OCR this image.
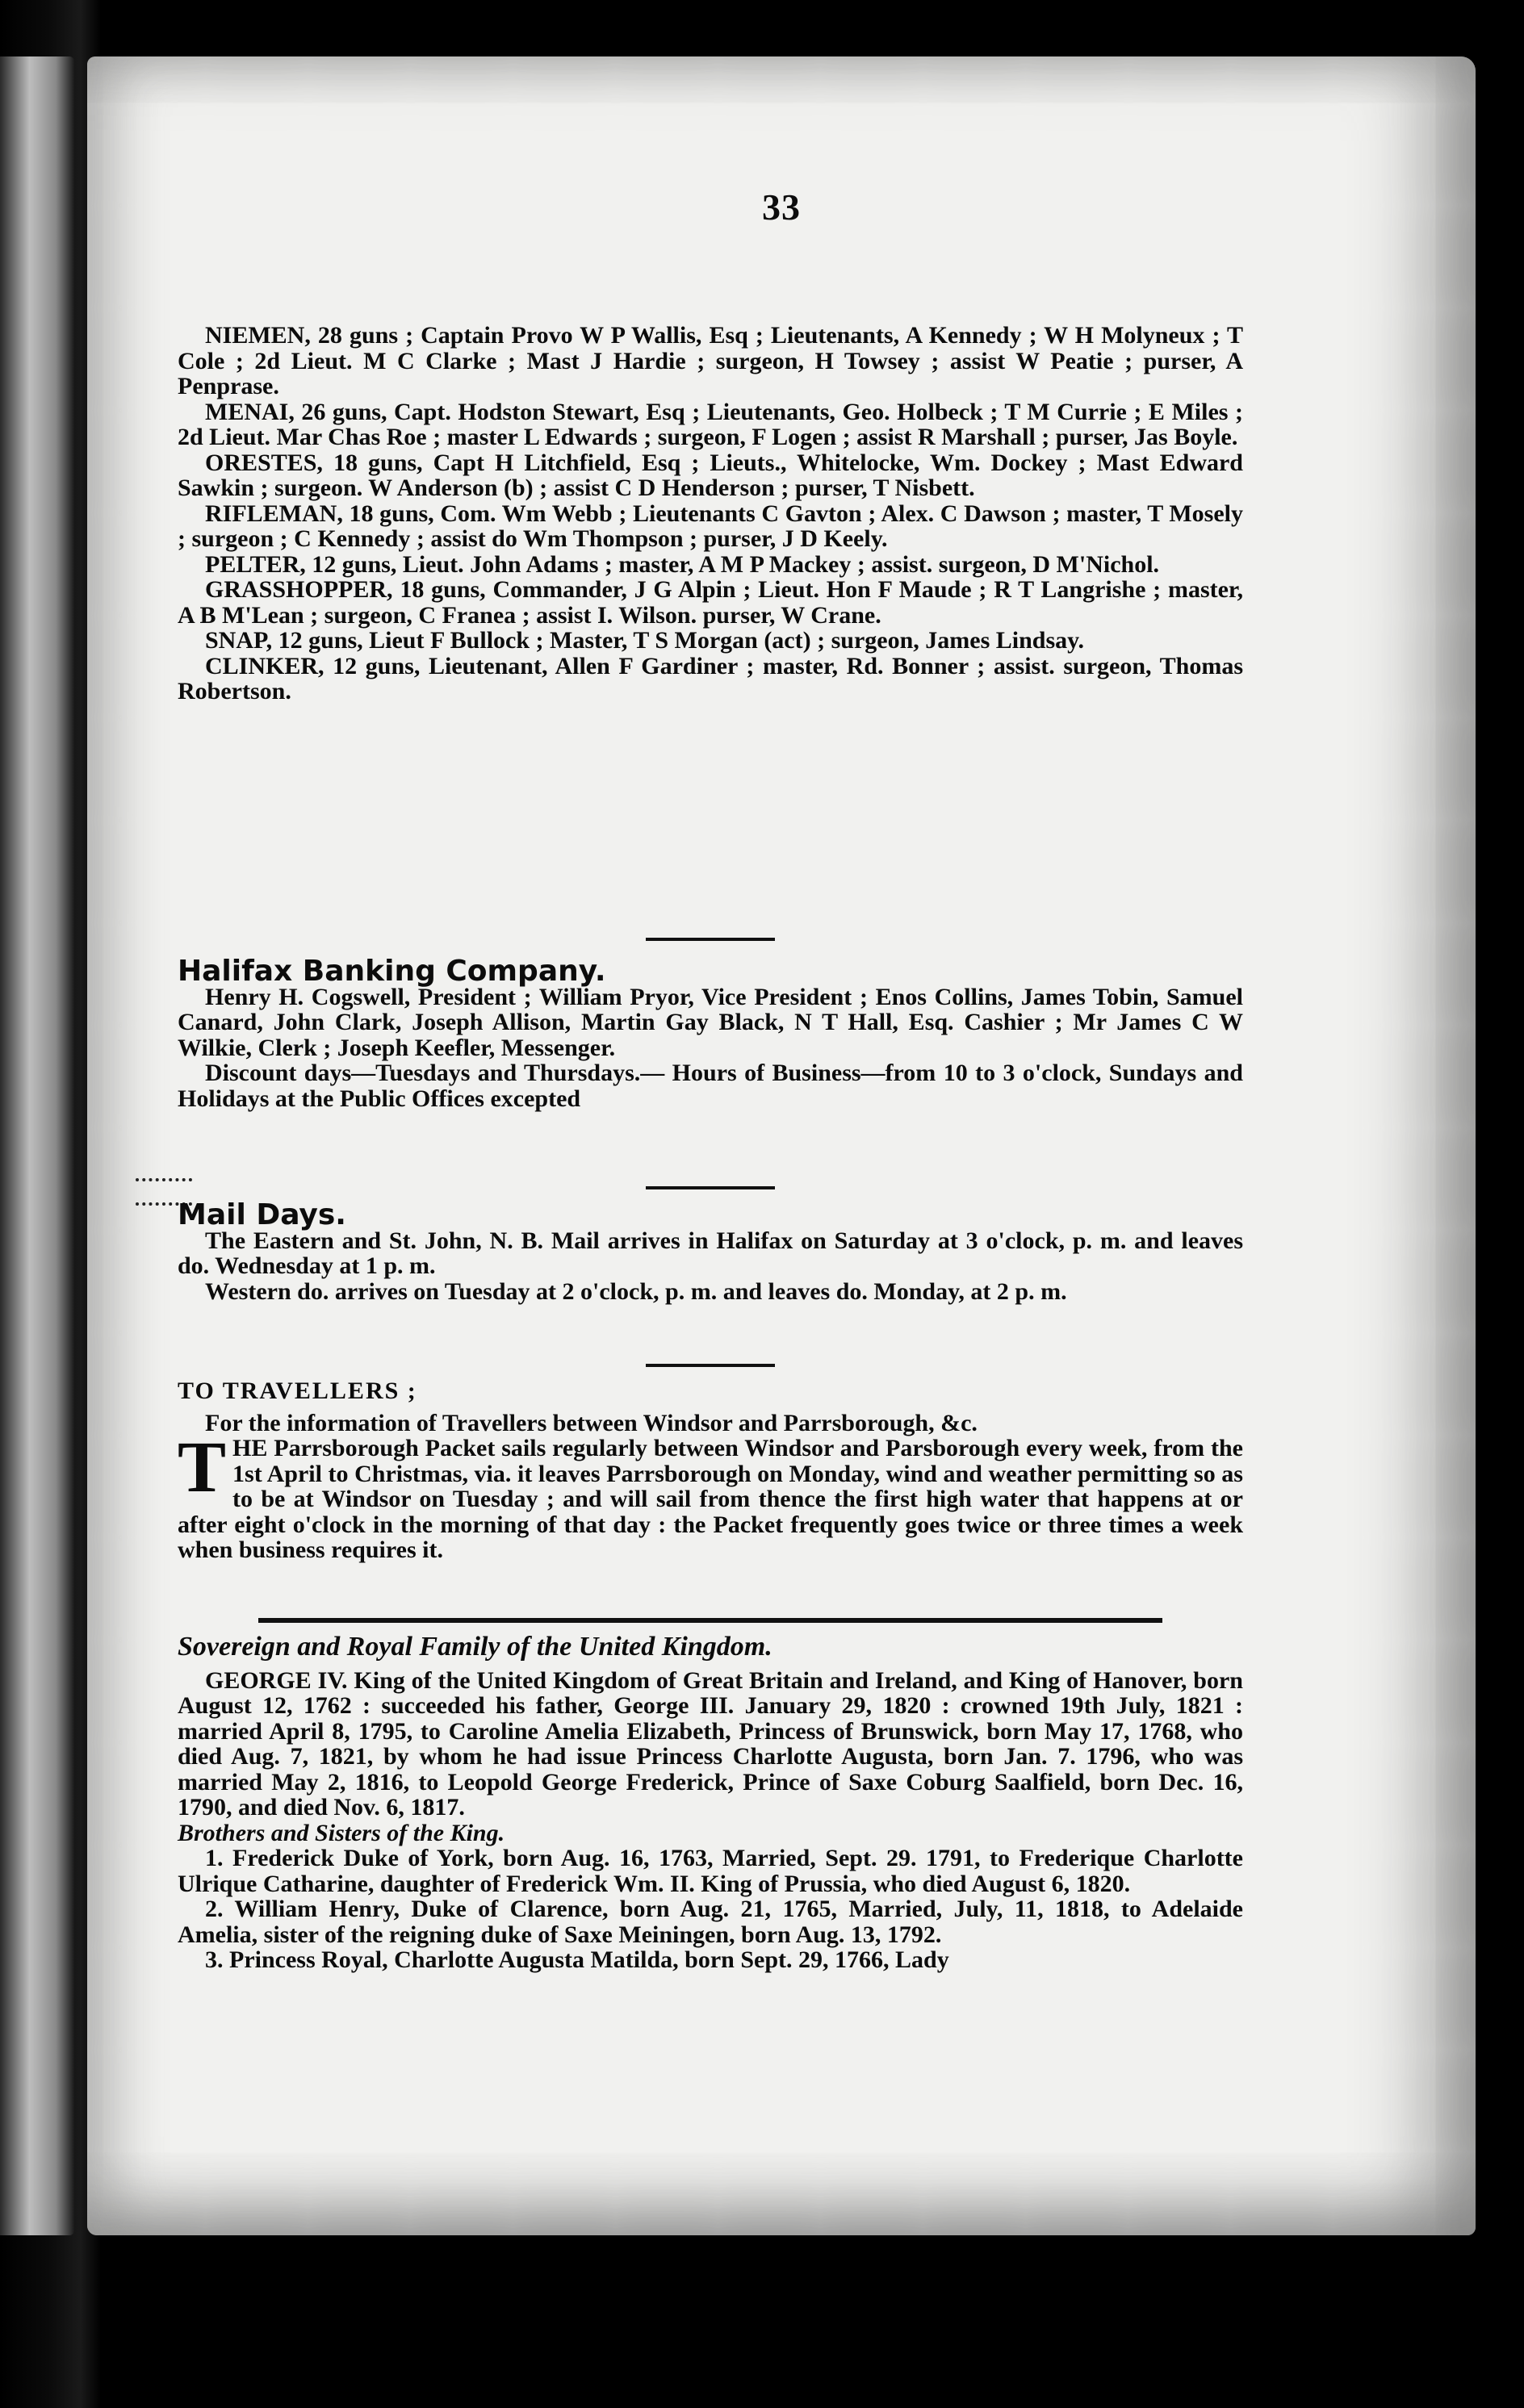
33

NIEMEN, 28 guns ; Captain Provo W P Wallis, Esq ; Lieutenants, A Kennedy ; W H Molyneux ; T Cole ; 2d Lieut. M C Clarke ; Mast J Hardie ; surgeon, H Towsey ; assist W Peatie ; purser, A Penprase.

MENAI, 26 guns, Capt. Hodston Stewart, Esq ; Lieutenants, Geo. Holbeck ; T M Currie ; E Miles ; 2d Lieut. Mar Chas Roe ; master L Edwards ; surgeon, F Logen ; assist R Marshall ; purser, Jas Boyle.

ORESTES, 18 guns, Capt H Litchfield, Esq ; Lieuts., Whitelocke, Wm. Dockey ; Mast Edward Sawkin ; surgeon. W Anderson (b) ; assist C D Henderson ; purser, T Nisbett.

RIFLEMAN, 18 guns, Com. Wm Webb ; Lieutenants C Gavton ; Alex. C Dawson ; master, T Mosely ; surgeon ; C Kennedy ; assist do Wm Thompson ; purser, J D Keely.

PELTER, 12 guns, Lieut. John Adams ; master, A M P Mackey ; assist. surgeon, D M'Nichol.

GRASSHOPPER, 18 guns, Commander, J G Alpin ; Lieut. Hon F Maude ; R T Langrishe ; master, A B M'Lean ; surgeon, C Franea ; assist I. Wilson. purser, W Crane.

SNAP, 12 guns, Lieut F Bullock ; Master, T S Morgan (act) ; surgeon, James Lindsay.

CLINKER, 12 guns, Lieutenant, Allen F Gardiner ; master, Rd. Bonner ; assist. surgeon, Thomas Robertson.

Halifax Banking Company.

Henry H. Cogswell, President ; William Pryor, Vice President ; Enos Collins, James Tobin, Samuel Canard, John Clark, Joseph Allison, Martin Gay Black, N T Hall, Esq. Cashier ; Mr James C W Wilkie, Clerk ; Joseph Keefler, Messenger.

Discount days—Tuesdays and Thursdays.— Hours of Business—from 10 to 3 o'clock, Sundays and Holidays at the Public Offices excepted

Mail Days.

The Eastern and St. John, N. B. Mail arrives in Halifax on Saturday at 3 o'clock, p. m. and leaves do. Wednesday at 1 p. m.

Western do. arrives on Tuesday at 2 o'clock, p. m. and leaves do. Monday, at 2 p. m.

TO TRAVELLERS ;

For the information of Travellers between Windsor and Parrsborough, &c.

THE Parrsborough Packet sails regularly between Windsor and Parsborough every week, from the 1st April to Christmas, via. it leaves Parrsborough on Monday, wind and weather permitting so as to be at Windsor on Tuesday ; and will sail from thence the first high water that happens at or after eight o'clock in the morning of that day : the Packet frequently goes twice or three times a week when business requires it.

Sovereign and Royal Family of the United Kingdom.

GEORGE IV. King of the United Kingdom of Great Britain and Ireland, and King of Hanover, born August 12, 1762 : succeeded his father, George III. January 29, 1820 : crowned 19th July, 1821 : married April 8, 1795, to Caroline Amelia Elizabeth, Princess of Brunswick, born May 17, 1768, who died Aug. 7, 1821, by whom he had issue Princess Charlotte Augusta, born Jan. 7. 1796, who was married May 2, 1816, to Leopold George Frederick, Prince of Saxe Coburg Saalfield, born Dec. 16, 1790, and died Nov. 6, 1817.

Brothers and Sisters of the King.

1. Frederick Duke of York, born Aug. 16, 1763, Married, Sept. 29. 1791, to Frederique Charlotte Ulrique Catharine, daughter of Frederick Wm. II. King of Prussia, who died August 6, 1820.

2. William Henry, Duke of Clarence, born Aug. 21, 1765, Married, July, 11, 1818, to Adelaide Amelia, sister of the reigning duke of Saxe Meiningen, born Aug. 13, 1792.

3. Princess Royal, Charlotte Augusta Matilda, born Sept. 29, 1766, Lady
